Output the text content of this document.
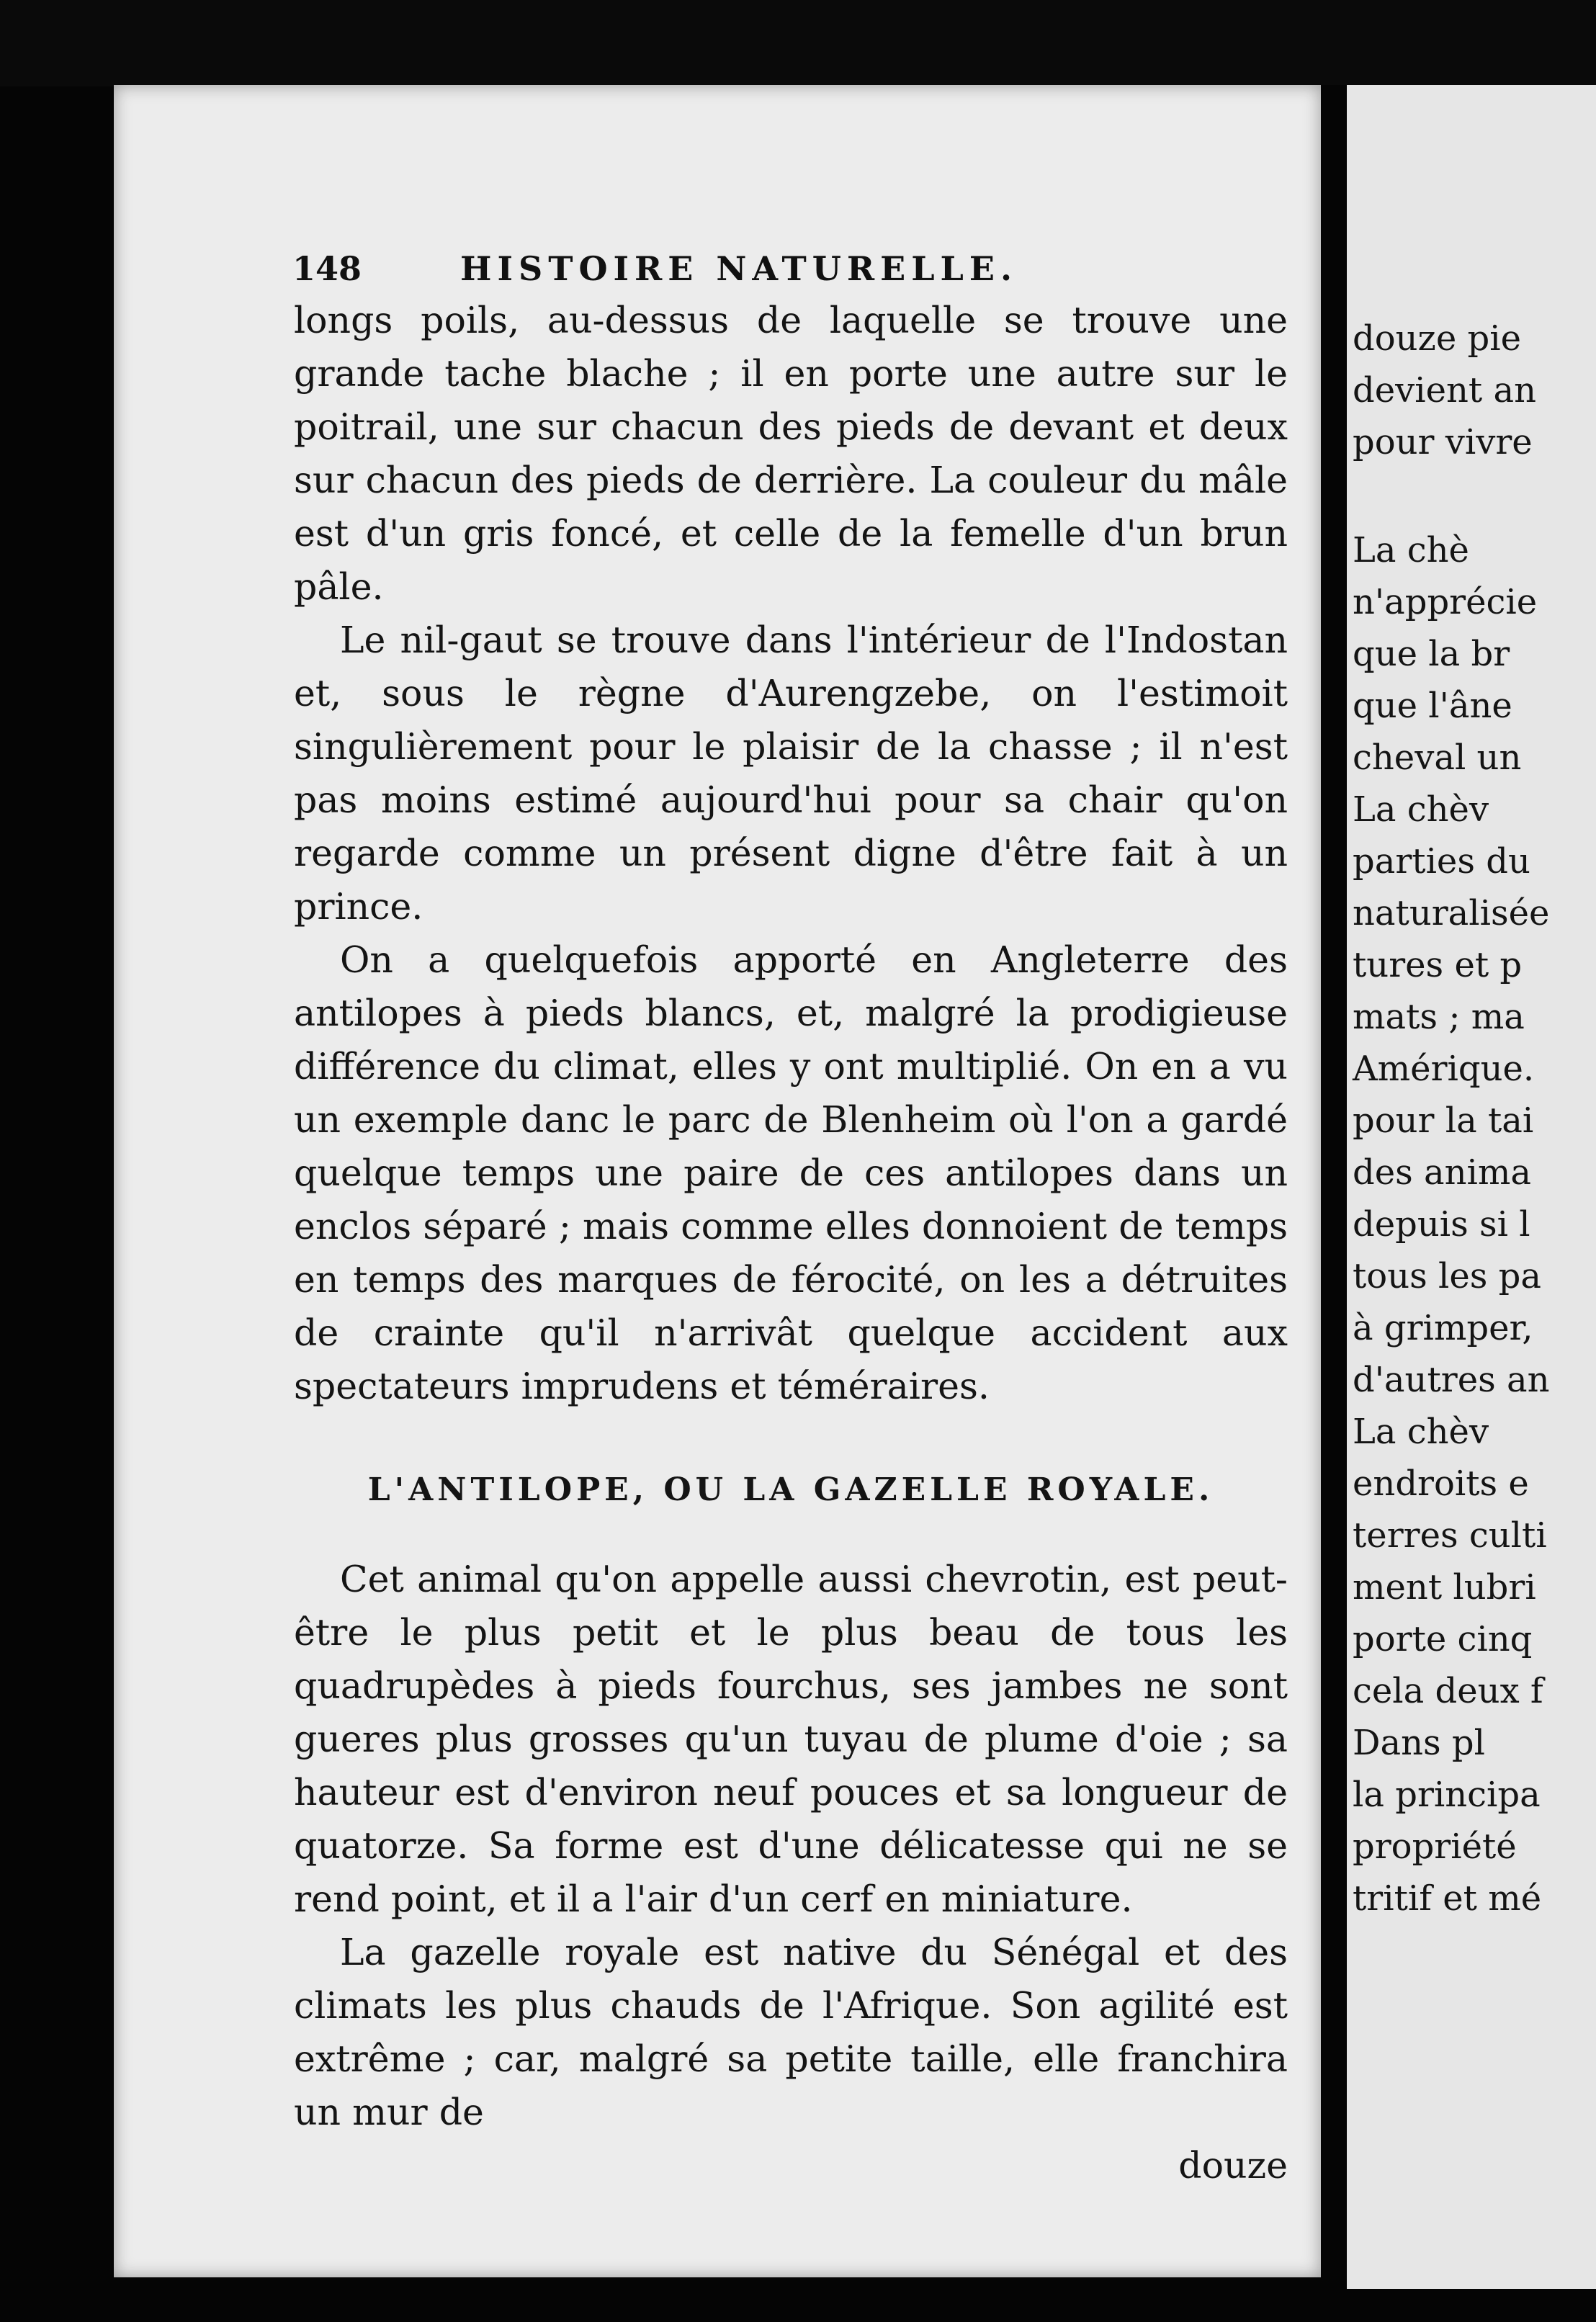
148	HISTOIRE NATURELLE.

longs poils, au-dessus de laquelle se trouve une grande tache blache ; il en porte une autre sur le poitrail, une sur chacun des pieds de devant et deux sur chacun des pieds de derrière. La couleur du mâle est d'un gris foncé, et celle de la femelle d'un brun pâle.

Le nil-gaut se trouve dans l'intérieur de l'Indostan et, sous le règne d'Aurengzebe, on l'estimoit singulièrement pour le plaisir de la chasse ; il n'est pas moins estimé aujourd'hui pour sa chair qu'on regarde comme un présent digne d'être fait à un prince.

On a quelquefois apporté en Angleterre des antilopes à pieds blancs, et, malgré la prodigieuse différence du climat, elles y ont multiplié. On en a vu un exemple danc le parc de Blenheim où l'on a gardé quelque temps une paire de ces antilopes dans un enclos séparé ; mais comme elles donnoient de temps en temps des marques de férocité, on les a détruites de crainte qu'il n'arrivât quelque accident aux spectateurs imprudens et téméraires.

L'ANTILOPE, OU LA GAZELLE ROYALE.

Cet animal qu'on appelle aussi chevrotin, est peut-être le plus petit et le plus beau de tous les quadrupèdes à pieds fourchus, ses jambes ne sont gueres plus grosses qu'un tuyau de plume d'oie ; sa hauteur est d'environ neuf pouces et sa longueur de quatorze. Sa forme est d'une délicatesse qui ne se rend point, et il a l'air d'un cerf en miniature.

La gazelle royale est native du Sénégal et des climats les plus chauds de l'Afrique. Son agilité est extrême ; car, malgré sa petite taille, elle franchira un mur de

douze
douze pie
devient an
pour vivre
La chè
n'apprécie
que la br
que l'âne
cheval un
La chèv
parties du
naturalisée
tures et p
mats ; ma
Amérique.
pour la tai
des anima
depuis si l
tous les pa
à grimper,
d'autres an
La chèv
endroits e
terres culti
ment lubri
porte cinq
cela deux f
Dans pl
la principa
propriété
tritif et mé
